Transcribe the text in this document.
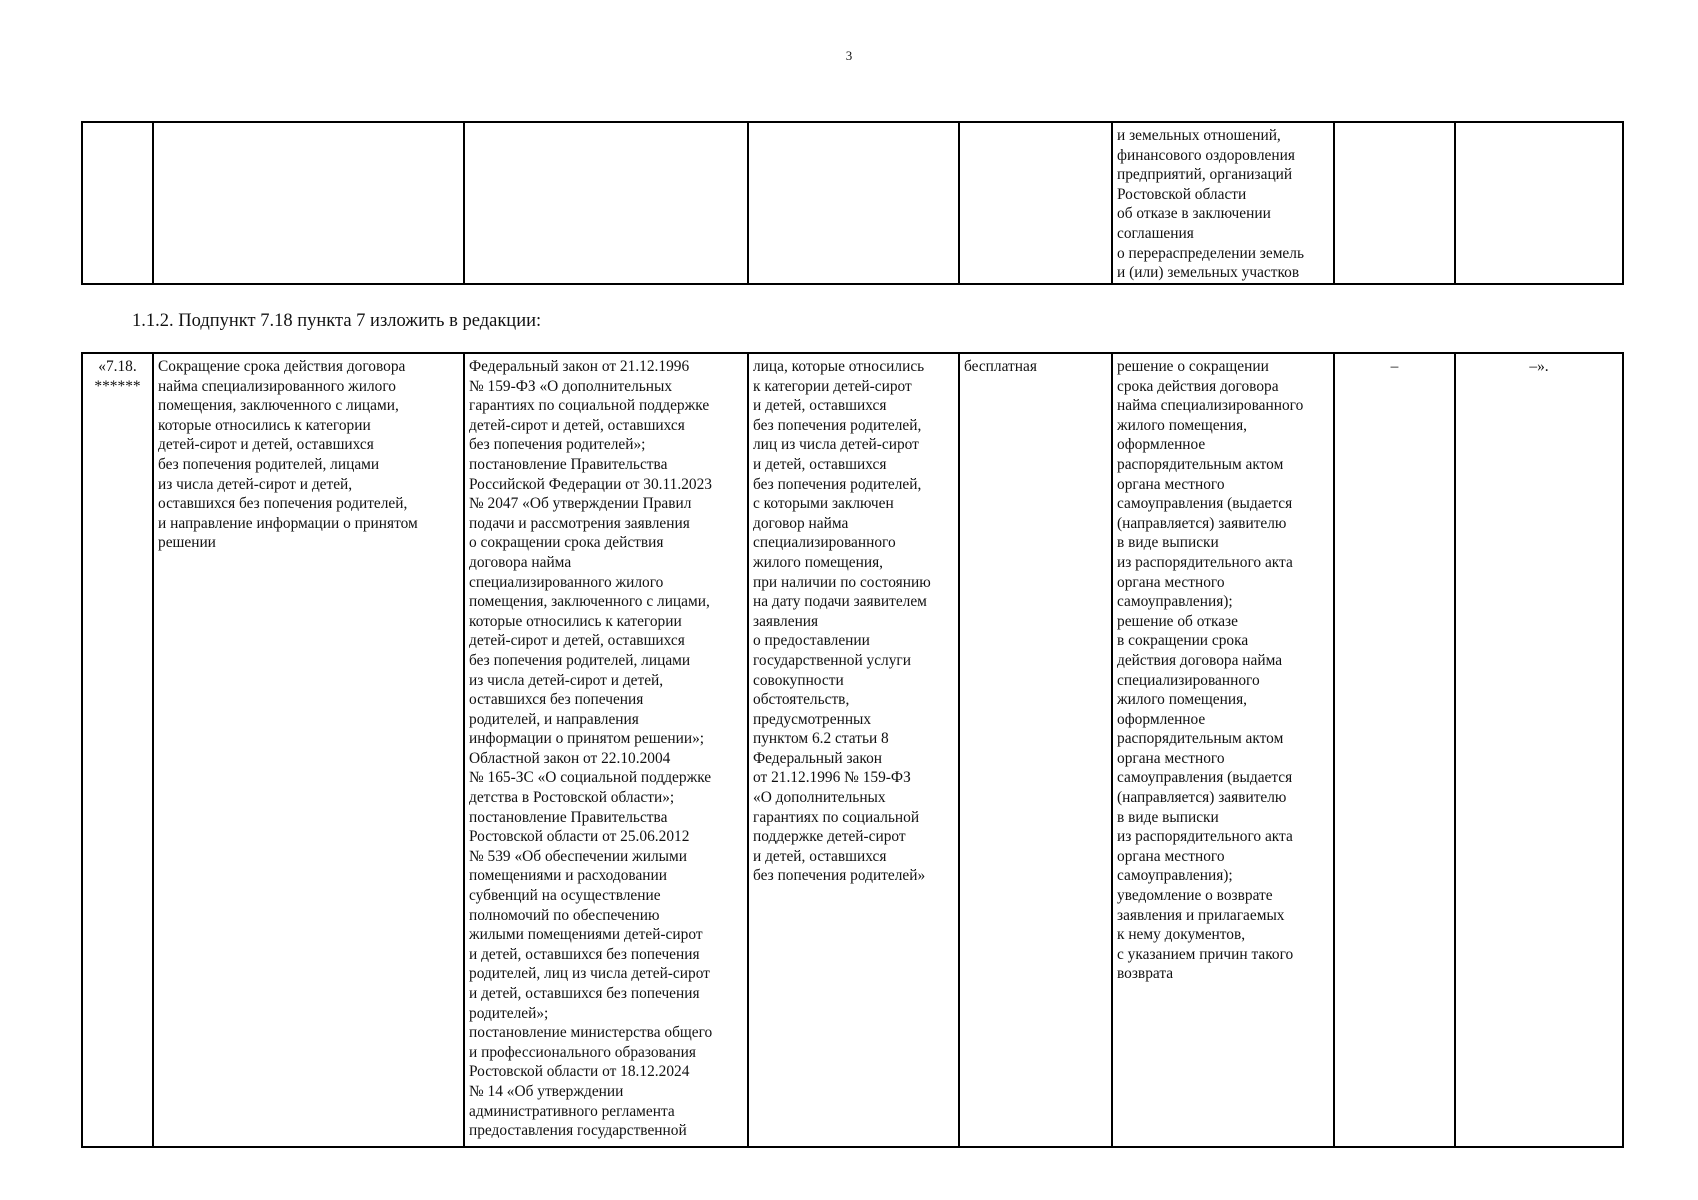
3
					и земельных отношений,
финансового оздоровления
предприятий, организаций
Ростовской области
об отказе в заключении
соглашения
о перераспределении земель
и (или) земельных участков		
1.1.2. Подпункт 7.18 пункта 7 изложить в редакции:
«7.18.
******	Сокращение срока действия договора
найма специализированного жилого
помещения, заключенного с лицами,
которые относились к категории
детей-сирот и детей, оставшихся
без попечения родителей, лицами
из числа детей-сирот и детей,
оставшихся без попечения родителей,
и направление информации о принятом
решении	Федеральный закон от 21.12.1996
№ 159-ФЗ «О дополнительных
гарантиях по социальной поддержке
детей-сирот и детей, оставшихся
без попечения родителей»;
постановление Правительства
Российской Федерации от 30.11.2023
№ 2047 «Об утверждении Правил
подачи и рассмотрения заявления
о сокращении срока действия
договора найма
специализированного жилого
помещения, заключенного с лицами,
которые относились к категории
детей-сирот и детей, оставшихся
без попечения родителей, лицами
из числа детей-сирот и детей,
оставшихся без попечения
родителей, и направления
информации о принятом решении»;
Областной закон от 22.10.2004
№ 165-ЗС «О социальной поддержке
детства в Ростовской области»;
постановление Правительства
Ростовской области от 25.06.2012
№ 539 «Об обеспечении жилыми
помещениями и расходовании
субвенций на осуществление
полномочий по обеспечению
жилыми помещениями детей-сирот
и детей, оставшихся без попечения
родителей, лиц из числа детей-сирот
и детей, оставшихся без попечения
родителей»;
постановление министерства общего
и профессионального образования
Ростовской области от 18.12.2024
№ 14 «Об утверждении
административного регламента
предоставления государственной	лица, которые относились
к категории детей-сирот
и детей, оставшихся
без попечения родителей,
лиц из числа детей-сирот
и детей, оставшихся
без попечения родителей,
с которыми заключен
договор найма
специализированного
жилого помещения,
при наличии по состоянию
на дату подачи заявителем
заявления
о предоставлении
государственной услуги
совокупности
обстоятельств,
предусмотренных
пунктом 6.2 статьи 8
Федеральный закон
от 21.12.1996 № 159-ФЗ
«О дополнительных
гарантиях по социальной
поддержке детей-сирот
и детей, оставшихся
без попечения родителей»	бесплатная	решение о сокращении
срока действия договора
найма специализированного
жилого помещения,
оформленное
распорядительным актом
органа местного
самоуправления (выдается
(направляется) заявителю
в виде выписки
из распорядительного акта
органа местного
самоуправления);
решение об отказе
в сокращении срока
действия договора найма
специализированного
жилого помещения,
оформленное
распорядительным актом
органа местного
самоуправления (выдается
(направляется) заявителю
в виде выписки
из распорядительного акта
органа местного
самоуправления);
уведомление о возврате
заявления и прилагаемых
к нему документов,
с указанием причин такого
возврата	–	–».
